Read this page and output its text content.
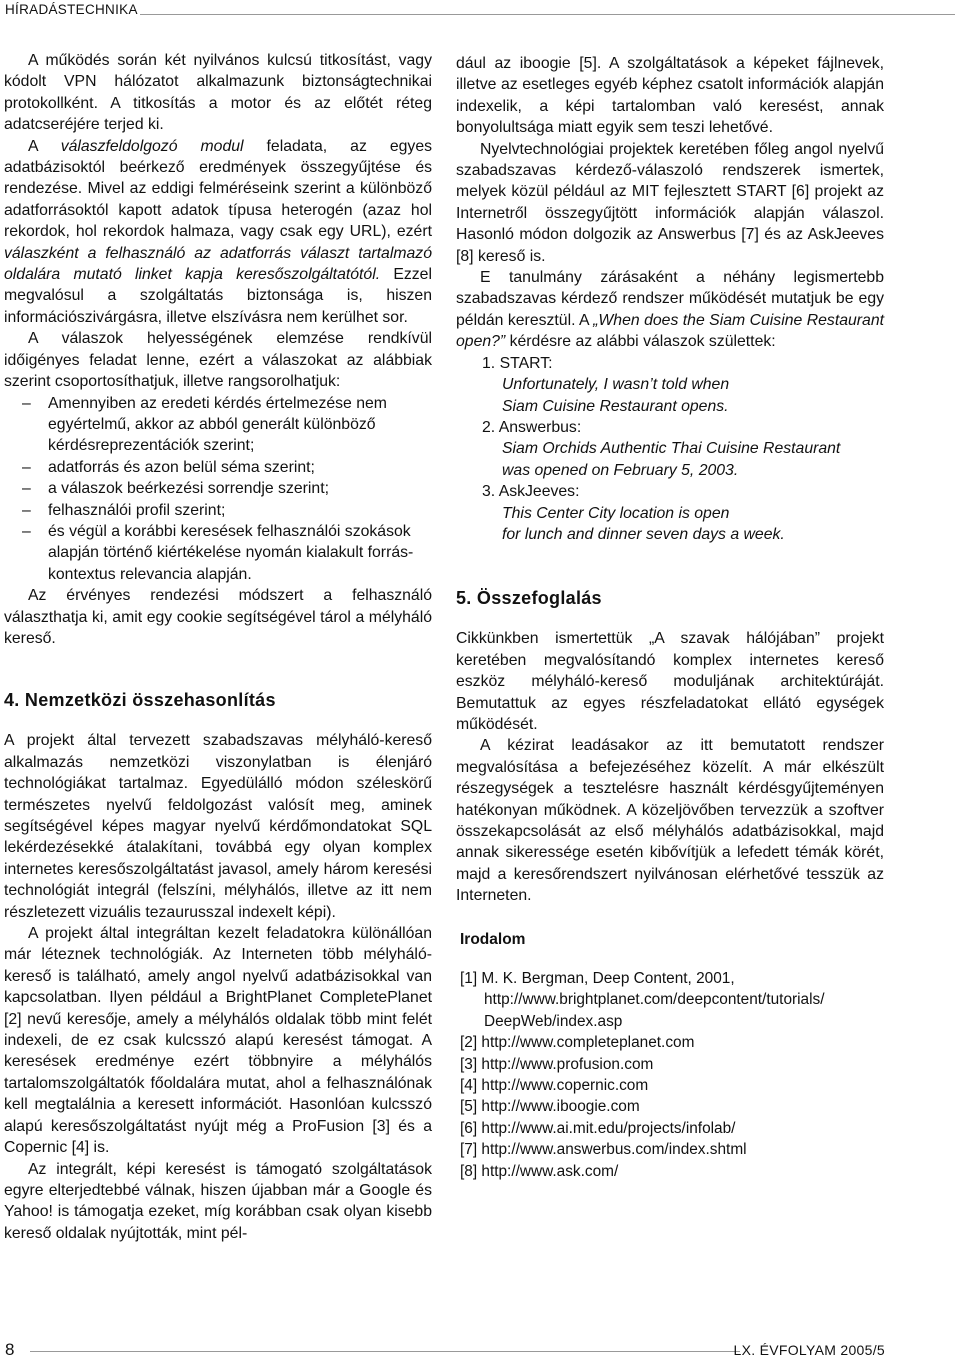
HÍRADÁSTECHNIKA

A működés során két nyilvános kulcsú titkosítást, vagy kódolt VPN hálózatot alkalmazunk biztonságtechnikai protokollként. A titkosítás a motor és az előtét réteg adatcseréjére terjed ki.

A válaszfeldolgozó modul feladata, az egyes adatbázisoktól beérkező eredmények összegyűjtése és rendezése. Mivel az eddigi felméréseink szerint a különböző adatforrásoktól kapott adatok típusa heterogén (azaz hol rekordok, hol rekordok halmaza, vagy csak egy URL), ezért válaszként a felhasználó az adatforrás választ tartalmazó oldalára mutató linket kapja keresőszolgáltatótól. Ezzel megvalósul a szolgáltatás biztonsága is, hiszen információszivárgásra, illetve elszívásra nem kerülhet sor.

A válaszok helyességének elemzése rendkívül időigényes feladat lenne, ezért a válaszokat az alábbiak szerint csoportosíthatjuk, illetve rangsorolhatjuk:

– Amennyiben az eredeti kérdés értelmezése nem egyértelmű, akkor az abból generált különböző kérdésreprezentációk szerint;
– adatforrás és azon belül séma szerint;
– a válaszok beérkezési sorrendje szerint;
– felhasználói profil szerint;
– és végül a korábbi keresések felhasználói szokások alapján történő kiértékelése nyomán kialakult forrás-kontextus relevancia alapján.

Az érvényes rendezési módszert a felhasználó választhatja ki, amit egy cookie segítségével tárol a mélyháló kereső.

4. Nemzetközi összehasonlítás

A projekt által tervezett szabadszavas mélyháló-kereső alkalmazás nemzetközi viszonylatban is élenjáró technológiákat tartalmaz. Egyedülálló módon széleskörű természetes nyelvű feldolgozást valósít meg, aminek segítségével képes magyar nyelvű kérdőmondatokat SQL lekérdezésekké átalakítani, továbbá egy olyan komplex internetes keresőszolgáltatást javasol, amely három keresési technológiát integrál (felszíni, mélyhálós, illetve az itt nem részletezett vizuális tezaurusszal indexelt képi).

A projekt által integráltan kezelt feladatokra különállóan már léteznek technológiák. Az Interneten több mélyháló-kereső is található, amely angol nyelvű adatbázisokkal van kapcsolatban. Ilyen például a BrightPlanet CompletePlanet [2] nevű keresője, amely a mélyhálós oldalak több mint felét indexeli, de ez csak kulcsszó alapú keresést támogat. A keresések eredménye ezért többnyire a mélyhálós tartalomszolgáltatók főoldalára mutat, ahol a felhasználónak kell megtalálnia a keresett információt. Hasonlóan kulcsszó alapú keresőszolgáltatást nyújt még a ProFusion [3] és a Copernic [4] is.

Az integrált, képi keresést is támogató szolgáltatások egyre elterjedtebbé válnak, hiszen újabban már a Google és Yahoo! is támogatja ezeket, míg korábban csak olyan kisebb kereső oldalak nyújtották, mint pél-

dául az iboogie [5]. A szolgáltatások a képeket fájlnevek, illetve az esetleges egyéb képhez csatolt információk alapján indexelik, a képi tartalomban való keresést, annak bonyolultsága miatt egyik sem teszi lehetővé.

Nyelvtechnológiai projektek keretében főleg angol nyelvű szabadszavas kérdező-válaszoló rendszerek ismertek, melyek közül például az MIT fejlesztett START [6] projekt az Internetről összegyűjtött információk alapján válaszol. Hasonló módon dolgozik az Answerbus [7] és az AskJeeves [8] kereső is.

E tanulmány zárásaként a néhány legismertebb szabadszavas kérdező rendszer működését mutatjuk be egy példán keresztül. A „When does the Siam Cuisine Restaurant open?” kérdésre az alábbi válaszok születtek:

1. START:
Unfortunately, I wasn’t told when
Siam Cuisine Restaurant opens.
2. Answerbus:
Siam Orchids Authentic Thai Cuisine Restaurant
was opened on February 5, 2003.
3. AskJeeves:
This Center City location is open
for lunch and dinner seven days a week.
5. Összefoglalás

Cikkünkben ismertettük „A szavak hálójában” projekt keretében megvalósítandó komplex internetes kereső eszköz mélyháló-kereső moduljának architektúráját. Bemutattuk az egyes részfeladatokat ellátó egységek működését.

A kézirat leadásakor az itt bemutatott rendszer megvalósítása a befejezéséhez közelít. A már elkészült részegységek a tesztelésre használt kérdésgyűjteményen hatékonyan működnek. A közeljövőben tervezzük a szoftver összekapcsolását az első mélyhálós adatbázisokkal, majd annak sikeressége esetén kibővítjük a lefedett témák körét, majd a keresőrendszert nyilvánosan elérhetővé tesszük az Interneten.

Irodalom
[1] M. K. Bergman, Deep Content, 2001, http://www.brightplanet.com/deepcontent/tutorials/ DeepWeb/index.asp
[2] http://www.completeplanet.com
[3] http://www.profusion.com
[4] http://www.copernic.com
[5] http://www.iboogie.com
[6] http://www.ai.mit.edu/projects/infolab/
[7] http://www.answerbus.com/index.shtml
[8] http://www.ask.com/
8	LX. ÉVFOLYAM 2005/5
